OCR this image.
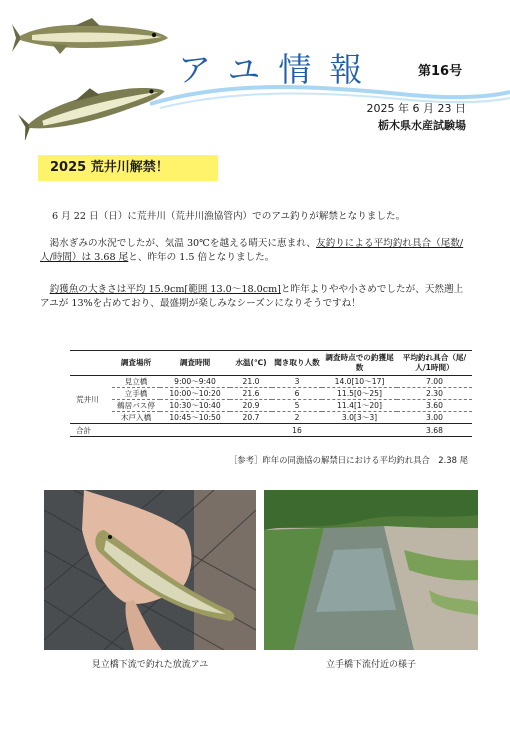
アユ情報	第16号
2025 年 6 月 23 日
栃木県水産試験場
2025 荒井川解禁！
6 月 22 日（日）に荒井川（荒井川漁協管内）でのアユ釣りが解禁となりました。
 渇水ぎみの水況でしたが、気温 30℃を越える晴天に恵まれ、友釣りによる平均釣れ具合（尾数/人/時間）は 3.68 尾と、昨年の 1.5 倍となりました。
 釣獲魚の大きさは平均 15.9cm[範囲 13.0～18.0cm]と昨年よりやや小さめでしたが、天然遡上アユが 13%を占めており、最盛期が楽しみなシーズンになりそうですね！
	調査場所	調査時間	水温(℃)	聞き取り人数	調査時点での釣獲尾数	平均釣れ具合（尾/人/1時間）
荒井川	見立橋	9:00～9:40	21.0	3	14.0[10～17]	7.00
	立手橋	10:00～10:20	21.6	6	11.5[0～25]	2.30
	鵜居バス停	10:30～10:40	20.9	5	11.4[1～20]	3.60
	木戸入橋	10:45～10:50	20.7	2	3.0[3～3]	3.00
合計				16		3.68
［参考］昨年の同漁協の解禁日における平均釣れ具合　2.38 尾
見立橋下流で釣れた放流アユ	立手橋下流付近の様子
